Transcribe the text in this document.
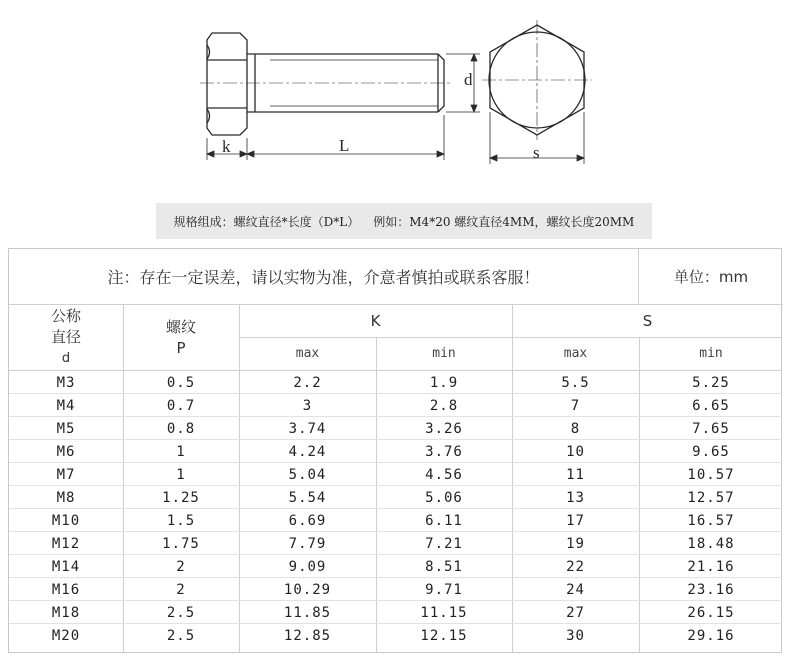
d
k	L	s
规格组成：螺纹直径*长度（D*L） 例如：M4*20 螺纹直径4MM，螺纹长度20MM
注：存在一定误差，请以实物为准，介意者慎拍或联系客服！	单位：mm
公称
直径
d
螺纹
P
K	S
max	min	max	min
M3	0.5	2.2	1.9	5.5	5.25
M4	0.7	3	2.8	7	6.65
M5	0.8	3.74	3.26	8	7.65
M6	1	4.24	3.76	10	9.65
M7	1	5.04	4.56	11	10.57
M8	1.25	5.54	5.06	13	12.57
M10	1.5	6.69	6.11	17	16.57
M12	1.75	7.79	7.21	19	18.48
M14	2	9.09	8.51	22	21.16
M16	2	10.29	9.71	24	23.16
M18	2.5	11.85	11.15	27	26.15
M20	2.5	12.85	12.15	30	29.16
